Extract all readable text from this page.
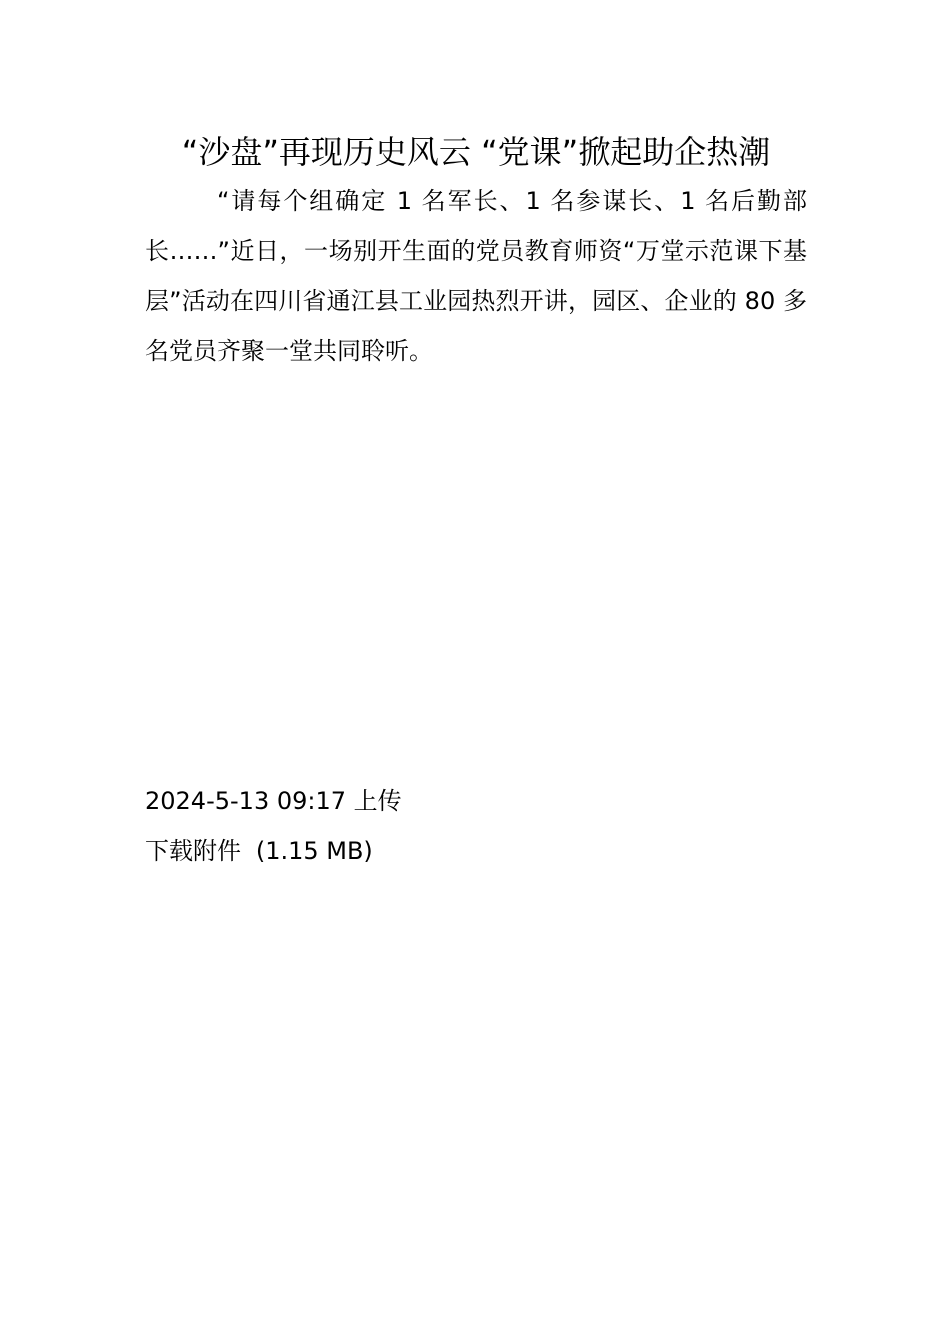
“沙盘”再现历史风云 “党课”掀起助企热潮

“请每个组确定 1 名军长、1 名参谋长、1 名后勤部长……”近日，一场别开生面的党员教育师资“万堂示范课下基层”活动在四川省通江县工业园热烈开讲，园区、企业的 80 多名党员齐聚一堂共同聆听。

2024-5-13 09:17 上传
下载附件 (1.15 MB)
